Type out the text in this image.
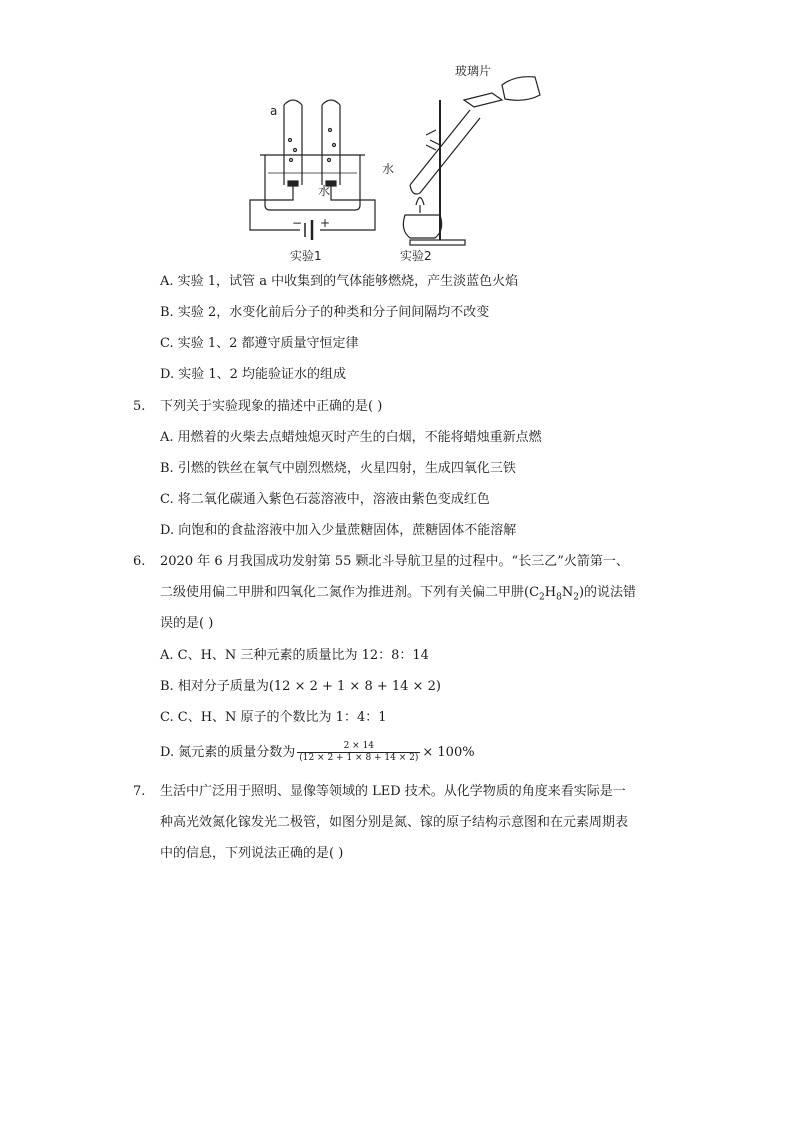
a
水
− +
实验1
玻璃片
水
实验2
A. 实验 1，试管 a 中收集到的气体能够燃烧，产生淡蓝色火焰
B. 实验 2，水变化前后分子的种类和分子间间隔均不改变
C. 实验 1、2 都遵守质量守恒定律
D. 实验 1、2 均能验证水的组成
5. 下列关于实验现象的描述中正确的是( )
A. 用燃着的火柴去点蜡烛熄灭时产生的白烟，不能将蜡烛重新点燃
B. 引燃的铁丝在氧气中剧烈燃烧，火星四射，生成四氧化三铁
C. 将二氧化碳通入紫色石蕊溶液中，溶液由紫色变成红色
D. 向饱和的食盐溶液中加入少量蔗糖固体，蔗糖固体不能溶解
6. 2020 年 6 月我国成功发射第 55 颗北斗导航卫星的过程中。“长三乙”火箭第一、
二级使用偏二甲肼和四氧化二氮作为推进剂。下列有关偏二甲肼$(C_2H_8N_2)$的说法错
误的是( )
A. C、H、N 三种元素的质量比为 12：8：14
B. 相对分子质量为(12 × 2 + 1 × 8 + 14 × 2)
C. C、H、N 原子的个数比为 1：4：1
D. 氮元素的质量分数为 $\frac{2 \times 14}{(12 \times 2 + 1 \times 8 + 14 \times 2)} \times 100\%$
7. 生活中广泛用于照明、显像等领域的 LED 技术。从化学物质的角度来看实际是一
种高光效氮化镓发光二极管，如图分别是氮、镓的原子结构示意图和在元素周期表
中的信息，下列说法正确的是( )
